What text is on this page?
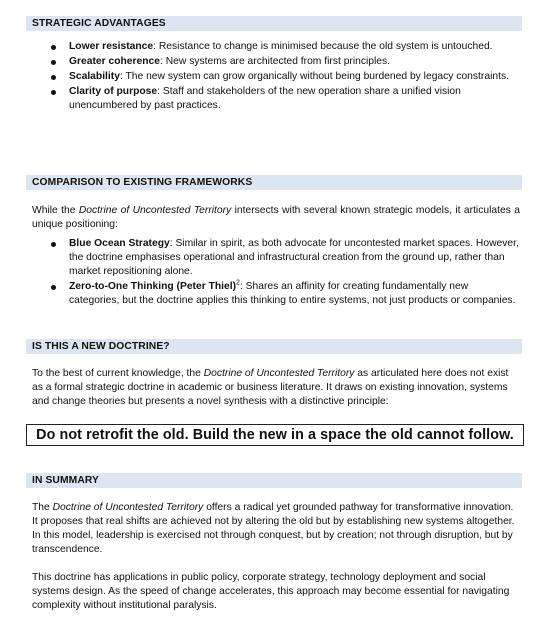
STRATEGIC ADVANTAGES
Lower resistance: Resistance to change is minimised because the old system is untouched.
Greater coherence: New systems are architected from first principles.
Scalability: The new system can grow organically without being burdened by legacy constraints.
Clarity of purpose: Staff and stakeholders of the new operation share a unified vision unencumbered by past practices.
COMPARISON TO EXISTING FRAMEWORKS
While the Doctrine of Uncontested Territory intersects with several known strategic models, it articulates a unique positioning:
Blue Ocean Strategy: Similar in spirit, as both advocate for uncontested market spaces. However, the doctrine emphasises operational and infrastructural creation from the ground up, rather than market repositioning alone.
Zero-to-One Thinking (Peter Thiel)$^2$: Shares an affinity for creating fundamentally new categories, but the doctrine applies this thinking to entire systems, not just products or companies.
IS THIS A NEW DOCTRINE?
To the best of current knowledge, the Doctrine of Uncontested Territory as articulated here does not exist as a formal strategic doctrine in academic or business literature. It draws on existing innovation, systems and change theories but presents a novel synthesis with a distinctive principle:
Do not retrofit the old. Build the new in a space the old cannot follow.
IN SUMMARY
The Doctrine of Uncontested Territory offers a radical yet grounded pathway for transformative innovation. It proposes that real shifts are achieved not by altering the old but by establishing new systems altogether. In this model, leadership is exercised not through conquest, but by creation; not through disruption, but by transcendence.
This doctrine has applications in public policy, corporate strategy, technology deployment and social systems design. As the speed of change accelerates, this approach may become essential for navigating complexity without institutional paralysis.
